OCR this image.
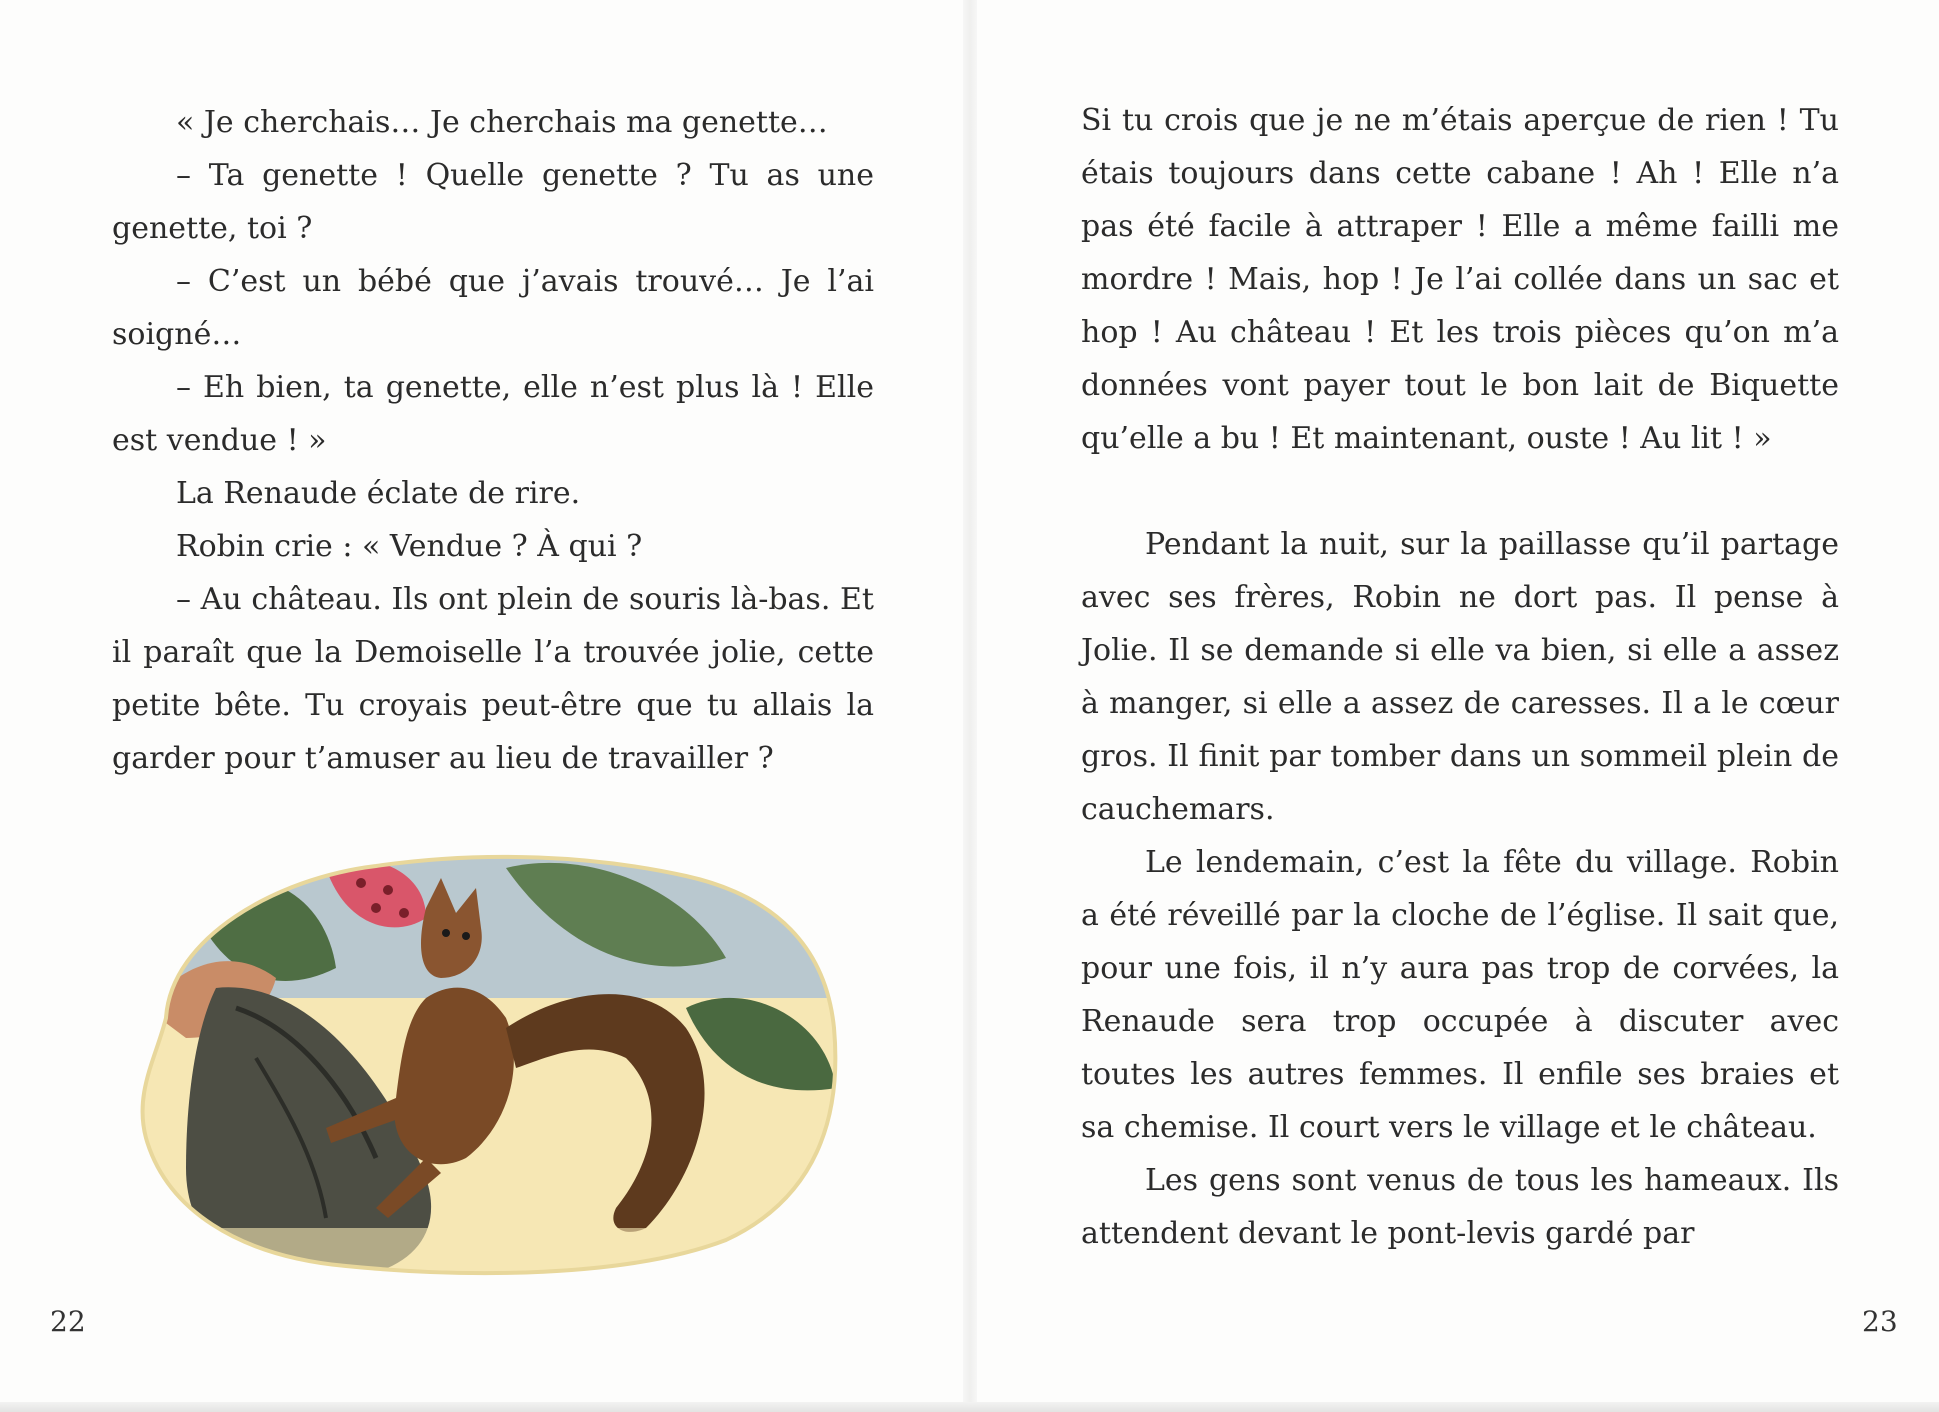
« Je cherchais… Je cherchais ma genette…

– Ta genette ! Quelle genette ? Tu as une genette, toi ?

– C’est un bébé que j’avais trouvé… Je l’ai soigné…

– Eh bien, ta genette, elle n’est plus là ! Elle est vendue ! »

La Renaude éclate de rire.

Robin crie : « Vendue ? À qui ?

– Au château. Ils ont plein de souris là-bas. Et il paraît que la Demoiselle l’a trouvée jolie, cette petite bête. Tu croyais peut-être que tu allais la garder pour t’amuser au lieu de travailler ?

22

Si tu crois que je ne m’étais aperçue de rien ! Tu étais toujours dans cette cabane ! Ah ! Elle n’a pas été facile à attraper ! Elle a même failli me mordre ! Mais, hop ! Je l’ai collée dans un sac et hop ! Au château ! Et les trois pièces qu’on m’a données vont payer tout le bon lait de Biquette qu’elle a bu ! Et maintenant, ouste ! Au lit ! »

Pendant la nuit, sur la paillasse qu’il partage avec ses frères, Robin ne dort pas. Il pense à Jolie. Il se demande si elle va bien, si elle a assez à manger, si elle a assez de caresses. Il a le cœur gros. Il finit par tomber dans un sommeil plein de cauchemars.

Le lendemain, c’est la fête du village. Robin a été réveillé par la cloche de l’église. Il sait que, pour une fois, il n’y aura pas trop de corvées, la Renaude sera trop occupée à discuter avec toutes les autres femmes. Il enfile ses braies et sa chemise. Il court vers le village et le château.

Les gens sont venus de tous les hameaux. Ils attendent devant le pont-levis gardé par

23
